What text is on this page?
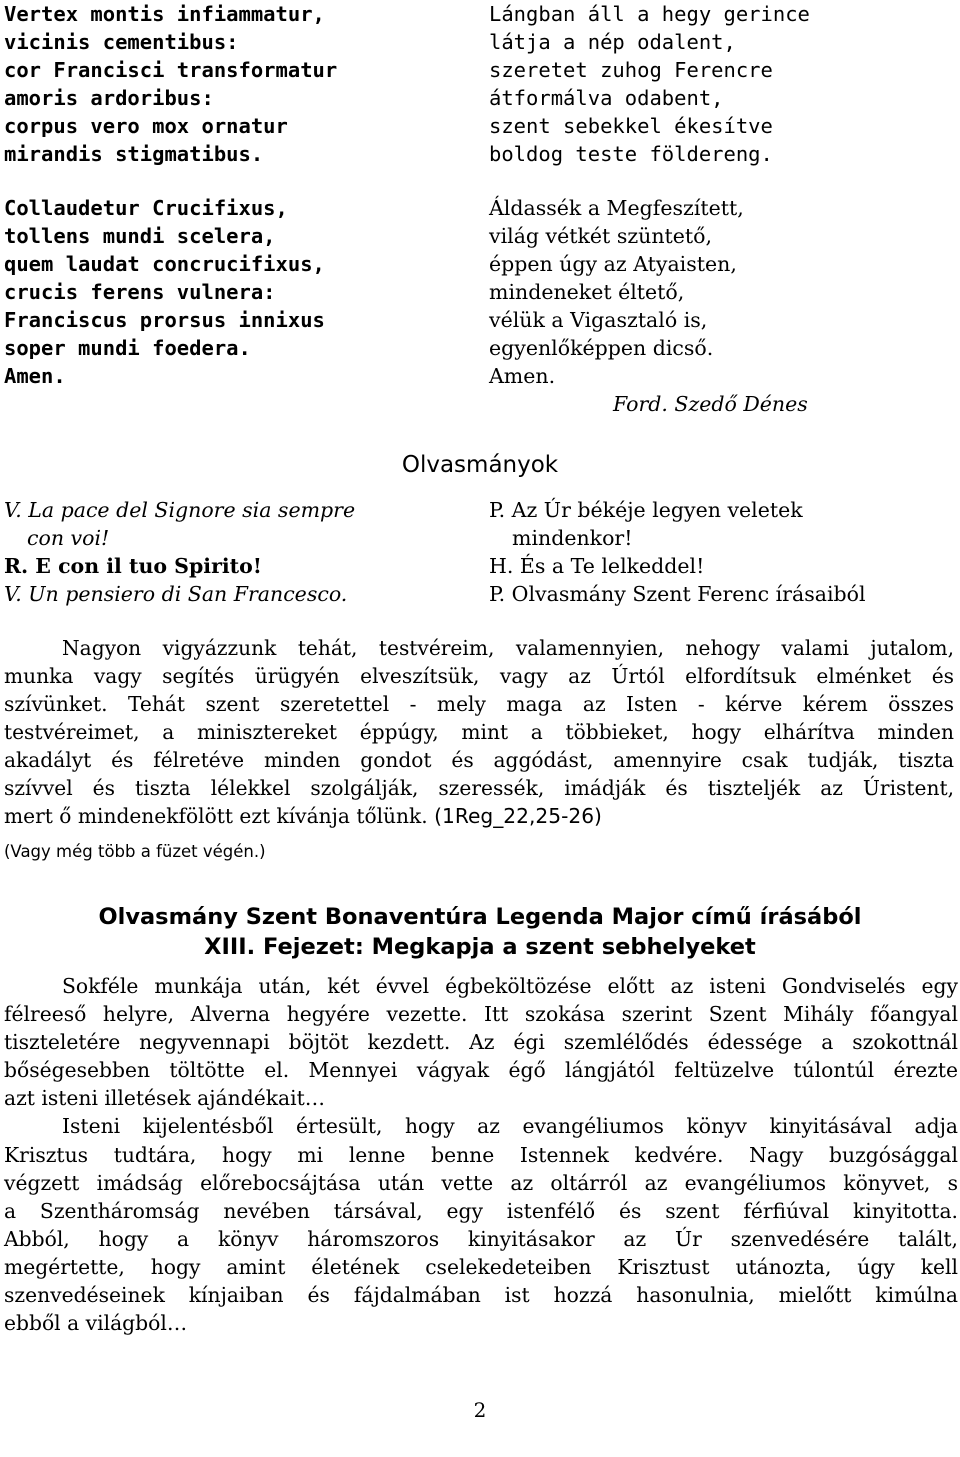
Vertex montis infiammatur,
vicinis cementibus:
cor Francisci transformatur
amoris ardoribus:
corpus vero mox ornatur
mirandis stigmatibus.
Collaudetur Crucifixus,
tollens mundi scelera,
quem laudat concrucifixus,
crucis ferens vulnera:
Franciscus prorsus innixus
soper mundi foedera.
Amen.
Lángban áll a hegy gerince
látja a nép odalent,
szeretet zuhog Ferencre
átformálva odabent,
szent sebekkel ékesítve
boldog teste földereng.
Áldassék a Megfeszített,
világ vétkét szüntető,
éppen úgy az Atyaisten,
mindeneket éltető,
vélük a Vigasztaló is,
egyenlőképpen dicső.
Amen.
Ford. Szedő Dénes
Olvasmányok
V. La pace del Signore sia sempre
con voi!
R. E con il tuo Spirito!
V. Un pensiero di San Francesco.
P. Az Úr békéje legyen veletek
mindenkor!
H. És a Te lelkeddel!
P. Olvasmány Szent Ferenc írásaiból
Nagyon vigyázzunk tehát, testvéreim, valamennyien, nehogy valami jutalom,
munka vagy segítés ürügyén elveszítsük, vagy az Úrtól elfordítsuk elménket és
szívünket. Tehát szent szeretettel - mely maga az Isten - kérve kérem összes
testvéreimet, a minisztereket éppúgy, mint a többieket, hogy elhárítva minden
akadályt és félretéve minden gondot és aggódást, amennyire csak tudják, tiszta
szívvel és tiszta lélekkel szolgálják, szeressék, imádják és tiszteljék az Úristent,
mert ő mindenekfölött ezt kívánja tőlünk. (1Reg_22,25-26)
(Vagy még több a füzet végén.)
Olvasmány Szent Bonaventúra Legenda Major című írásából
XIII. Fejezet: Megkapja a szent sebhelyeket
Sokféle munkája után, két évvel égbeköltözése előtt az isteni Gondviselés egy
félreeső helyre, Alverna hegyére vezette. Itt szokása szerint Szent Mihály főangyal
tiszteletére negyvennapi böjtöt kezdett. Az égi szemlélődés édessége a szokottnál
bőségesebben töltötte el. Mennyei vágyak égő lángjától feltüzelve túlontúl érezte
azt isteni illetések ajándékait…
Isteni kijelentésből értesült, hogy az evangéliumos könyv kinyitásával adja
Krisztus tudtára, hogy mi lenne benne Istennek kedvére. Nagy buzgósággal
végzett imádság előrebocsájtása után vette az oltárról az evangéliumos könyvet, s
a Szentháromság nevében társával, egy istenfélő és szent férfiúval kinyitotta.
Abból, hogy a könyv háromszoros kinyitásakor az Úr szenvedésére talált,
megértette, hogy amint életének cselekedeteiben Krisztust utánozta, úgy kell
szenvedéseinek kínjaiban és fájdalmában ist hozzá hasonulnia, mielőtt kimúlna
ebből a világból…
2
